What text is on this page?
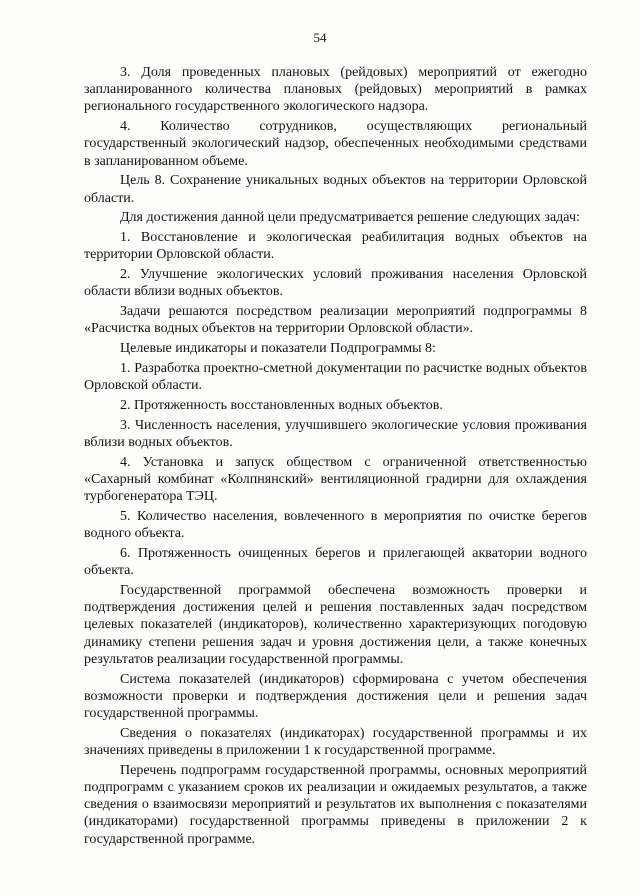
54

3. Доля проведенных плановых (рейдовых) мероприятий от ежегодно запланированного количества плановых (рейдовых) мероприятий в рамках регионального государственного экологического надзора.

4. Количество сотрудников, осуществляющих региональный государственный экологический надзор, обеспеченных необходимыми средствами в запланированном объеме.

Цель 8. Сохранение уникальных водных объектов на территории Орловской области.

Для достижения данной цели предусматривается решение следующих задач:

1. Восстановление и экологическая реабилитация водных объектов на территории Орловской области.

2. Улучшение экологических условий проживания населения Орловской области вблизи водных объектов.

Задачи решаются посредством реализации мероприятий подпрограммы 8 «Расчистка водных объектов на территории Орловской области».

Целевые индикаторы и показатели Подпрограммы 8:

1. Разработка проектно-сметной документации по расчистке водных объектов Орловской области.

2. Протяженность восстановленных водных объектов.

3. Численность населения, улучшившего экологические условия проживания вблизи водных объектов.

4. Установка и запуск обществом с ограниченной ответственностью «Сахарный комбинат «Колпнянский» вентиляционной градирни для охлаждения турбогенератора ТЭЦ.

5. Количество населения, вовлеченного в мероприятия по очистке берегов водного объекта.

6. Протяженность очищенных берегов и прилегающей акватории водного объекта.

Государственной программой обеспечена возможность проверки и подтверждения достижения целей и решения поставленных задач посредством целевых показателей (индикаторов), количественно характеризующих погодовую динамику степени решения задач и уровня достижения цели, а также конечных результатов реализации государственной программы.

Система показателей (индикаторов) сформирована с учетом обеспечения возможности проверки и подтверждения достижения цели и решения задач государственной программы.

Сведения о показателях (индикаторах) государственной программы и их значениях приведены в приложении 1 к государственной программе.

Перечень подпрограмм государственной программы, основных мероприятий подпрограмм с указанием сроков их реализации и ожидаемых результатов, а также сведения о взаимосвязи мероприятий и результатов их выполнения с показателями (индикаторами) государственной программы приведены в приложении 2 к государственной программе.
